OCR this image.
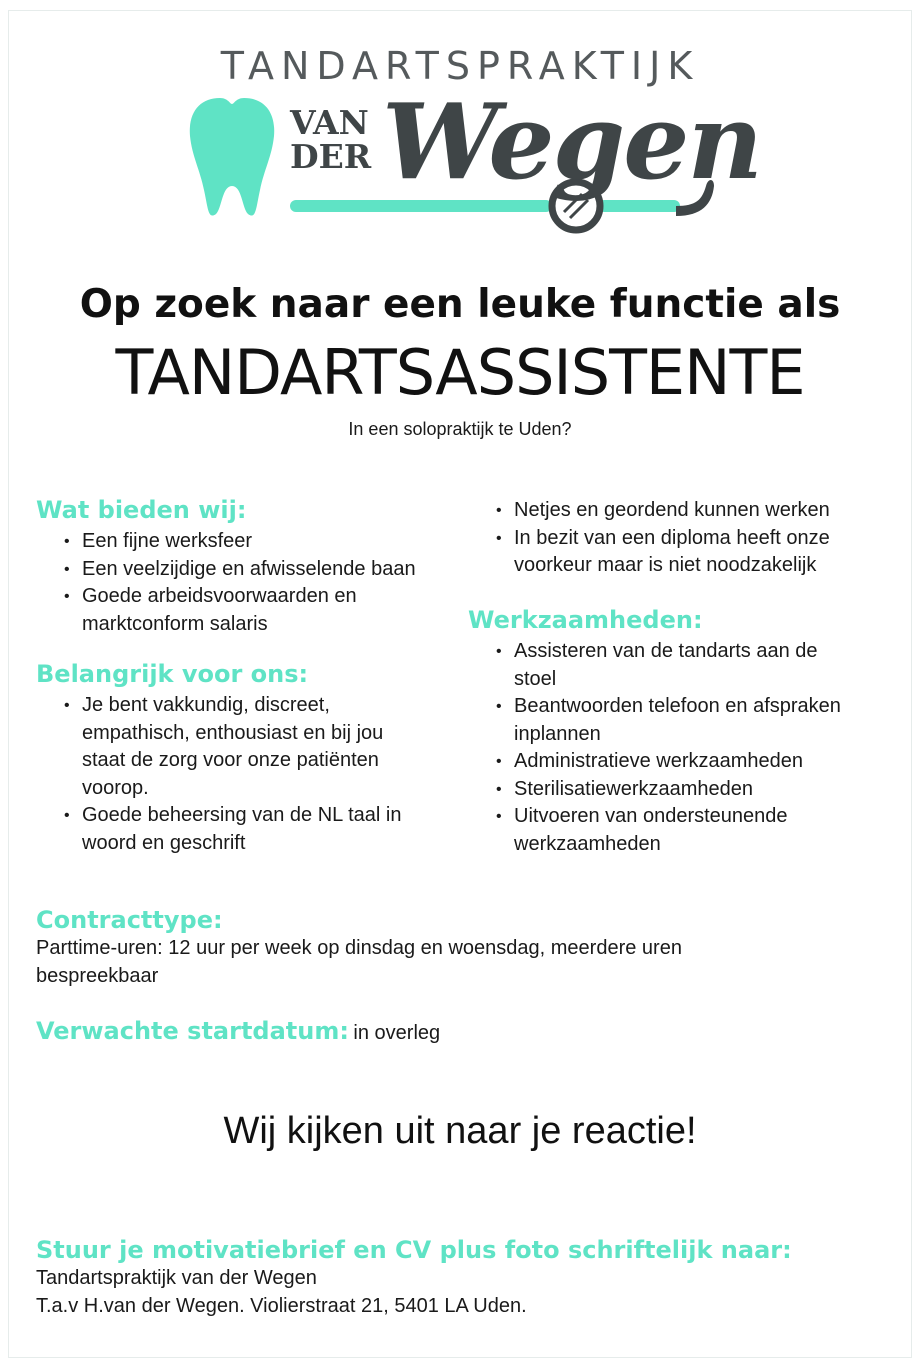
TANDARTSPRAKTIJK
VAN
DER Wegen
Op zoek naar een leuke functie als
TANDARTSASSISTENTE
In een solopraktijk te Uden?
Wat bieden wij:
• Een fijne werksfeer
• Een veelzijdige en afwisselende baan
• Goede arbeidsvoorwaarden en
marktconform salaris
Belangrijk voor ons:
• Je bent vakkundig, discreet,
empathisch, enthousiast en bij jou
staat de zorg voor onze patiënten
voorop.
• Goede beheersing van de NL taal in
woord en geschrift
• Netjes en geordend kunnen werken
• In bezit van een diploma heeft onze
voorkeur maar is niet noodzakelijk
Werkzaamheden:
• Assisteren van de tandarts aan de
stoel
• Beantwoorden telefoon en afspraken
inplannen
• Administratieve werkzaamheden
• Sterilisatiewerkzaamheden
• Uitvoeren van ondersteunende
werkzaamheden
Contracttype:
Parttime-uren: 12 uur per week op dinsdag en woensdag, meerdere uren
bespreekbaar
Verwachte startdatum: in overleg
Wij kijken uit naar je reactie!
Stuur je motivatiebrief en CV plus foto schriftelijk naar:
Tandartspraktijk van der Wegen
T.a.v H.van der Wegen. Violierstraat 21, 5401 LA Uden.
